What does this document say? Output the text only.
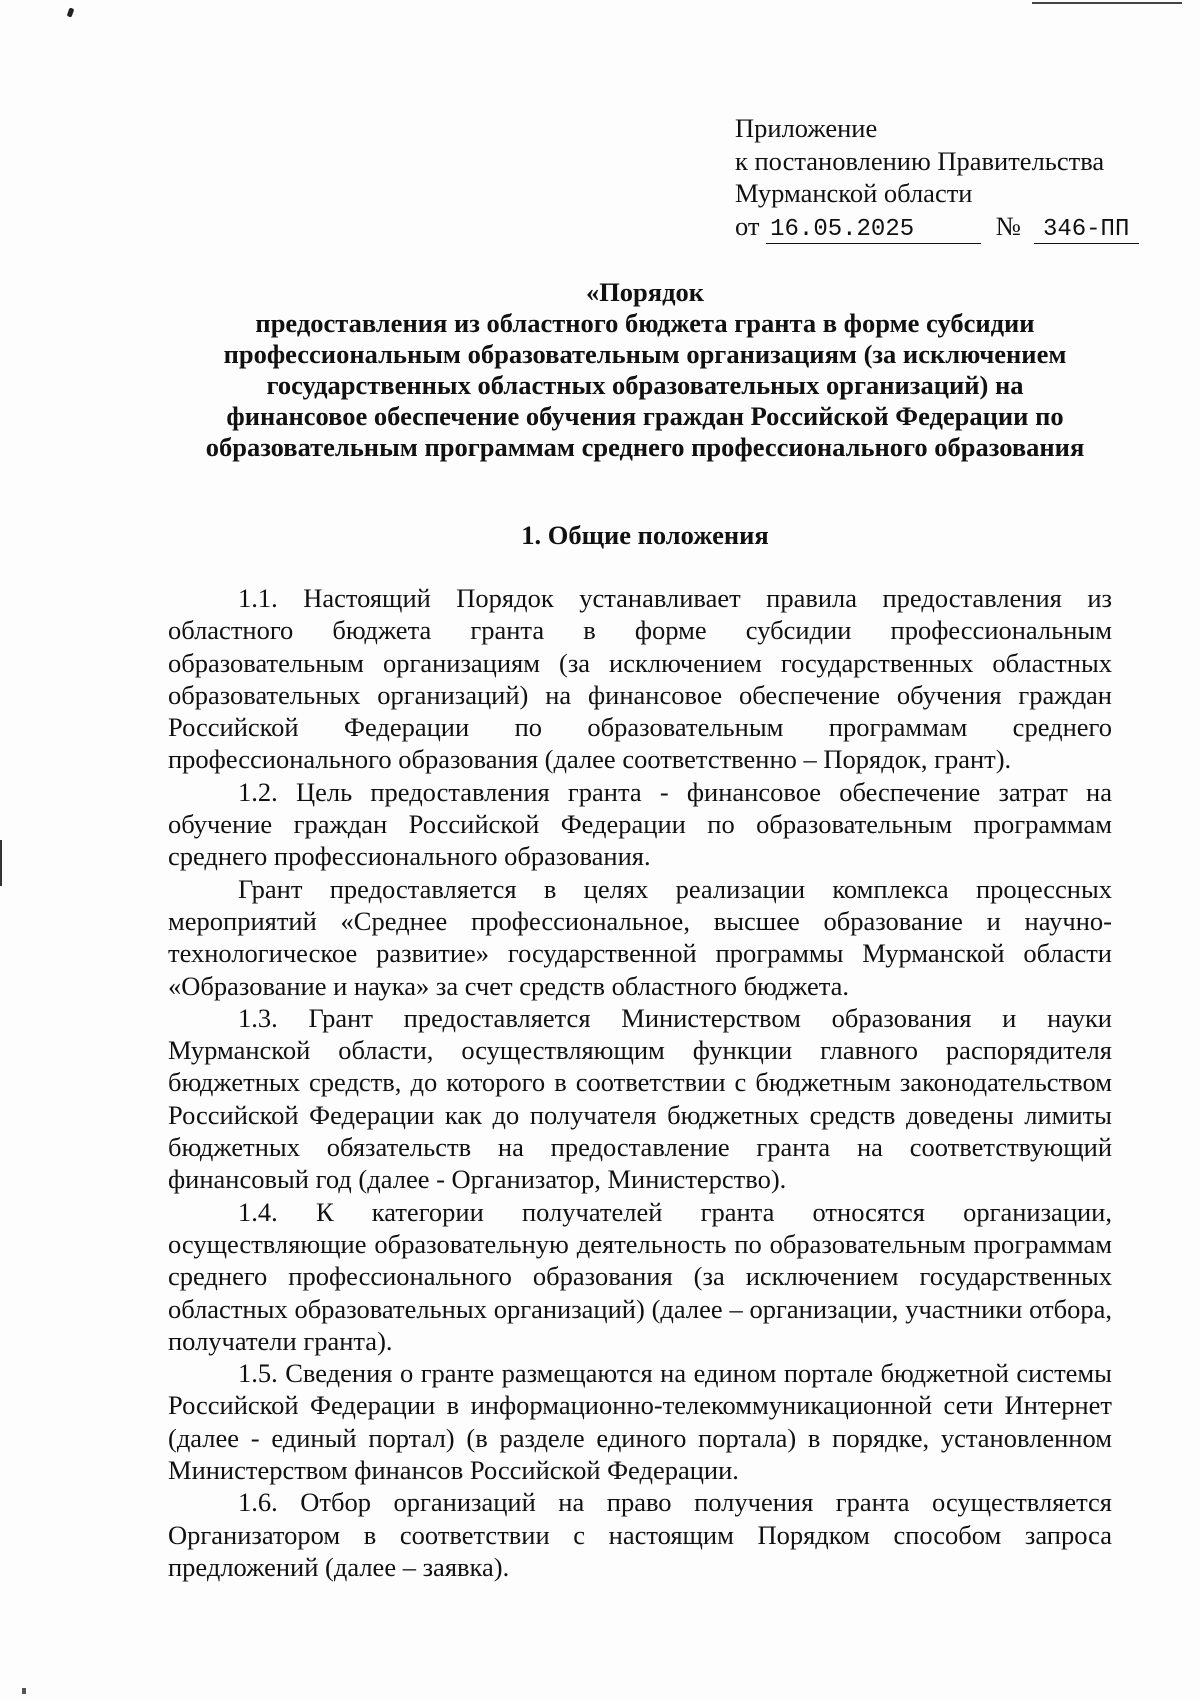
Приложение
к постановлению Правительства
Мурманской области
от 16.05.2025	№ 346-ПП
«Порядок
предоставления из областного бюджета гранта в форме субсидии
профессиональным образовательным организациям (за исключением
государственных областных образовательных организаций) на
финансовое обеспечение обучения граждан Российской Федерации по
образовательным программам среднего профессионального образования
1. Общие положения

1.1. Настоящий Порядок устанавливает правила предоставления из областного бюджета гранта в форме субсидии профессиональным образовательным организациям (за исключением государственных областных образовательных организаций) на финансовое обеспечение обучения граждан Российской Федерации по образовательным программам среднего профессионального образования (далее соответственно – Порядок, грант).

1.2. Цель предоставления гранта - финансовое обеспечение затрат на обучение граждан Российской Федерации по образовательным программам среднего профессионального образования.

Грант предоставляется в целях реализации комплекса процессных мероприятий «Среднее профессиональное, высшее образование и научно-технологическое развитие» государственной программы Мурманской области «Образование и наука» за счет средств областного бюджета.

1.3. Грант предоставляется Министерством образования и науки Мурманской области, осуществляющим функции главного распорядителя бюджетных средств, до которого в соответствии с бюджетным законодательством Российской Федерации как до получателя бюджетных средств доведены лимиты бюджетных обязательств на предоставление гранта на соответствующий финансовый год (далее - Организатор, Министерство).

1.4. К категории получателей гранта относятся организации, осуществляющие образовательную деятельность по образовательным программам среднего профессионального образования (за исключением государственных областных образовательных организаций) (далее – организации, участники отбора, получатели гранта).

1.5. Сведения о гранте размещаются на едином портале бюджетной системы Российской Федерации в информационно-телекоммуникационной сети Интернет (далее - единый портал) (в разделе единого портала) в порядке, установленном Министерством финансов Российской Федерации.

1.6. Отбор организаций на право получения гранта осуществляется Организатором в соответствии с настоящим Порядком способом запроса предложений (далее – заявка).
